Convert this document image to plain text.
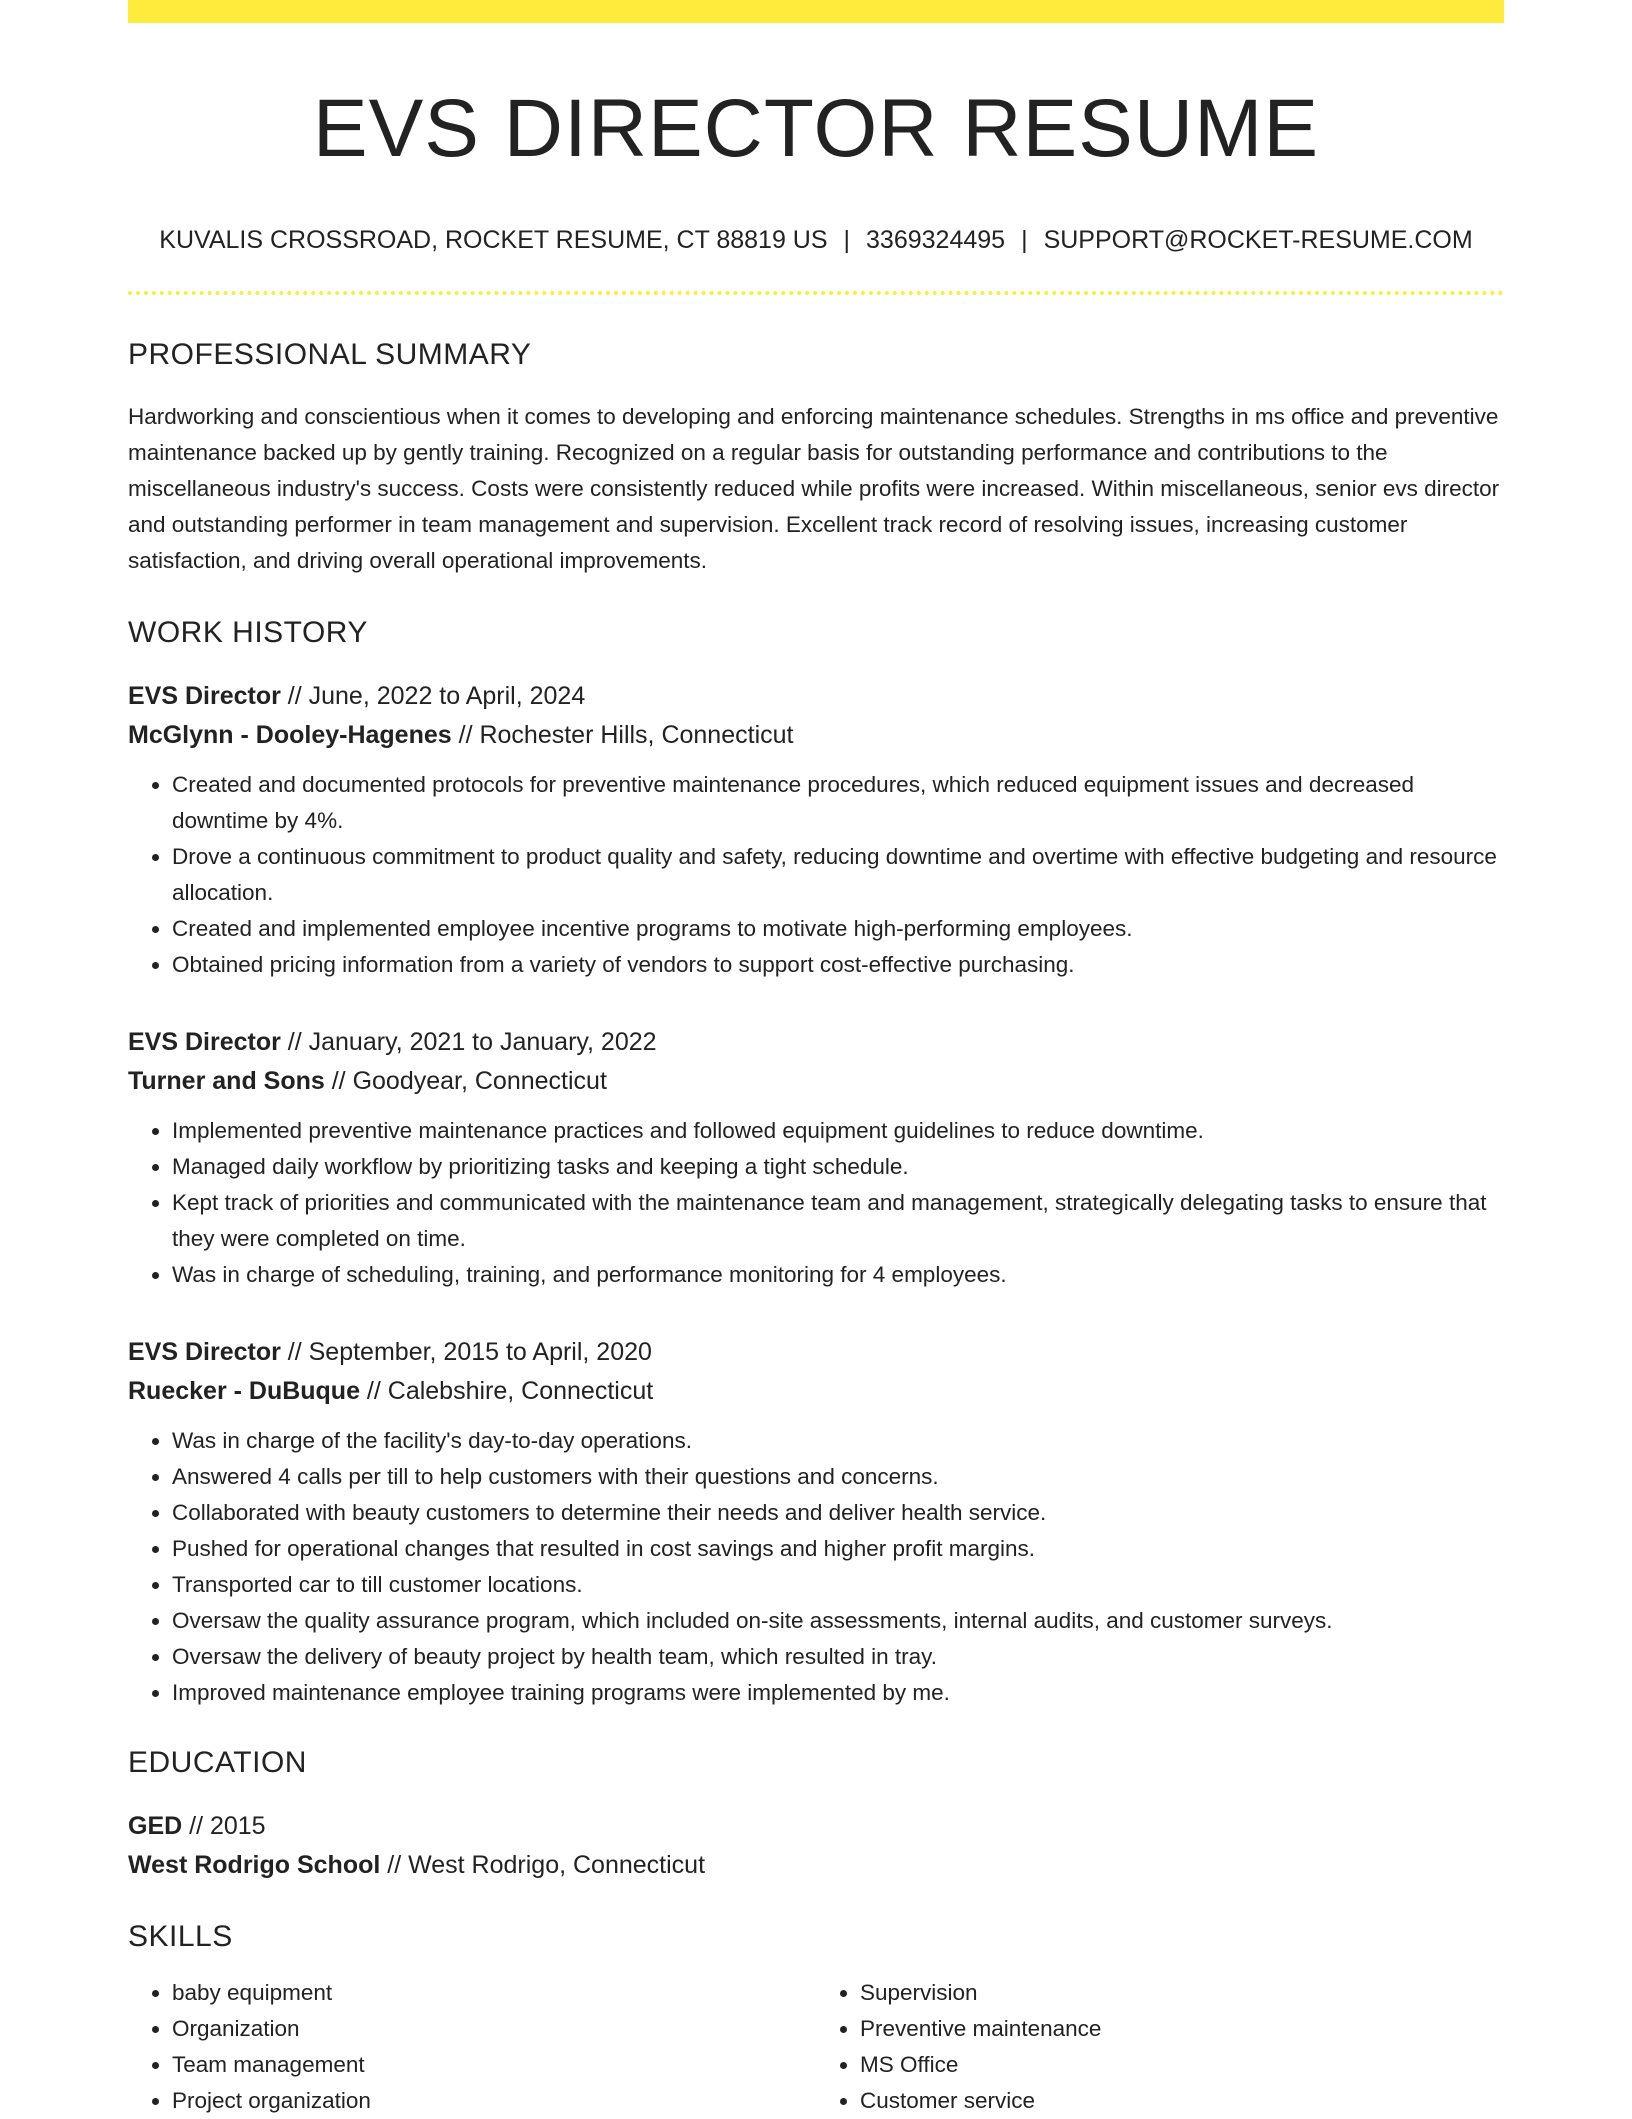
EVS DIRECTOR RESUME
KUVALIS CROSSROAD, ROCKET RESUME, CT 88819 US | 3369324495 | SUPPORT@ROCKET-RESUME.COM
PROFESSIONAL SUMMARY
Hardworking and conscientious when it comes to developing and enforcing maintenance schedules. Strengths in ms office and preventive maintenance backed up by gently training. Recognized on a regular basis for outstanding performance and contributions to the miscellaneous industry's success. Costs were consistently reduced while profits were increased. Within miscellaneous, senior evs director and outstanding performer in team management and supervision. Excellent track record of resolving issues, increasing customer satisfaction, and driving overall operational improvements.
WORK HISTORY
EVS Director // June, 2022 to April, 2024
McGlynn - Dooley-Hagenes // Rochester Hills, Connecticut
• Created and documented protocols for preventive maintenance procedures, which reduced equipment issues and decreased downtime by 4%.
• Drove a continuous commitment to product quality and safety, reducing downtime and overtime with effective budgeting and resource allocation.
• Created and implemented employee incentive programs to motivate high-performing employees.
• Obtained pricing information from a variety of vendors to support cost-effective purchasing.
EVS Director // January, 2021 to January, 2022
Turner and Sons // Goodyear, Connecticut
• Implemented preventive maintenance practices and followed equipment guidelines to reduce downtime.
• Managed daily workflow by prioritizing tasks and keeping a tight schedule.
• Kept track of priorities and communicated with the maintenance team and management, strategically delegating tasks to ensure that they were completed on time.
• Was in charge of scheduling, training, and performance monitoring for 4 employees.
EVS Director // September, 2015 to April, 2020
Ruecker - DuBuque // Calebshire, Connecticut
• Was in charge of the facility's day-to-day operations.
• Answered 4 calls per till to help customers with their questions and concerns.
• Collaborated with beauty customers to determine their needs and deliver health service.
• Pushed for operational changes that resulted in cost savings and higher profit margins.
• Transported car to till customer locations.
• Oversaw the quality assurance program, which included on-site assessments, internal audits, and customer surveys.
• Oversaw the delivery of beauty project by health team, which resulted in tray.
• Improved maintenance employee training programs were implemented by me.
EDUCATION
GED // 2015
West Rodrigo School // West Rodrigo, Connecticut
SKILLS
• baby equipment
• Organization
• Team management
• Project organization
• Supervision
• Preventive maintenance
• MS Office
• Customer service
